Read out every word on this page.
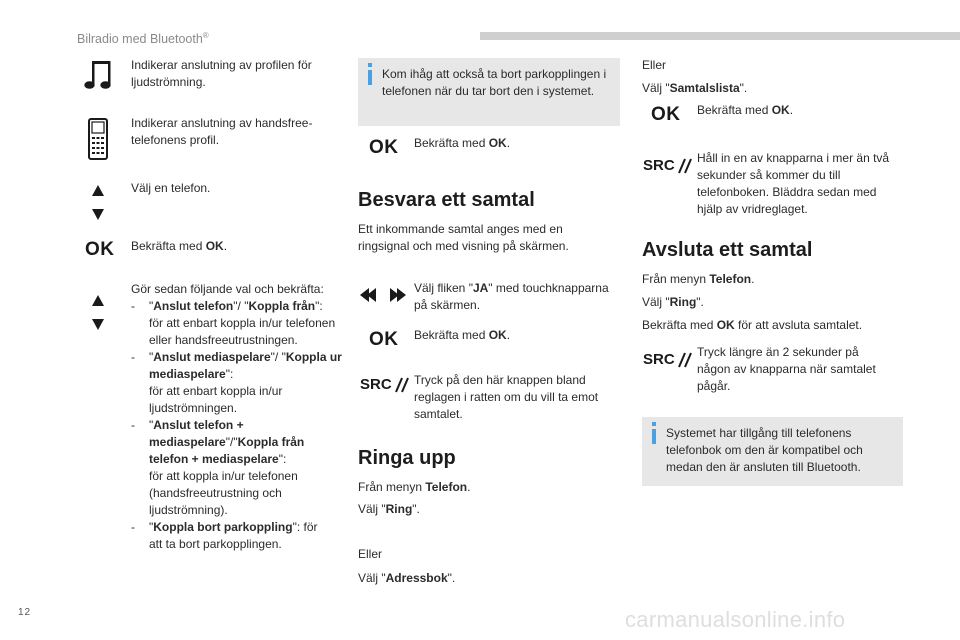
Bilradio med Bluetooth®
Indikerar anslutning av profilen för ljudströmning.
Indikerar anslutning av handsfree-telefonens profil.
Välj en telefon.
OK Bekräfta med OK.

Gör sedan följande val och bekräfta:

- "Anslut telefon"/ "Koppla från":
för att enbart koppla in/ur telefonen eller handsfreeutrustningen.
- "Anslut mediaspelare"/ "Koppla ur mediaspelare":
för att enbart koppla in/ur ljudströmningen.
- "Anslut telefon + mediaspelare"/"Koppla från telefon + mediaspelare":
för att koppla in/ur telefonen (handsfreeutrustning och ljudströmning).
- "Koppla bort parkoppling": för
att ta bort parkopplingen.
Kom ihåg att också ta bort parkopplingen i telefonen när du tar bort den i systemet.
OK Bekräfta med OK.
Besvara ett samtal
Ett inkommande samtal anges med en ringsignal och med visning på skärmen.
Välj fliken "JA" med touchknapparna på skärmen.
OK Bekräfta med OK.
SRC Tryck på den här knappen bland reglagen i ratten om du vill ta emot samtalet.
Ringa upp
Från menyn Telefon.
Välj "Ring".
Eller
Välj "Adressbok".
Eller
Välj "Samtalslista".
OK Bekräfta med OK.
SRC Håll in en av knapparna i mer än två sekunder så kommer du till telefonboken. Bläddra sedan med hjälp av vridreglaget.
Avsluta ett samtal
Från menyn Telefon.
Välj "Ring".
Bekräfta med OK för att avsluta samtalet.
SRC Tryck längre än 2 sekunder på någon av knapparna när samtalet pågår.
Systemet har tillgång till telefonens telefonbok om den är kompatibel och medan den är ansluten till Bluetooth.
12	carmanualsonline.info
